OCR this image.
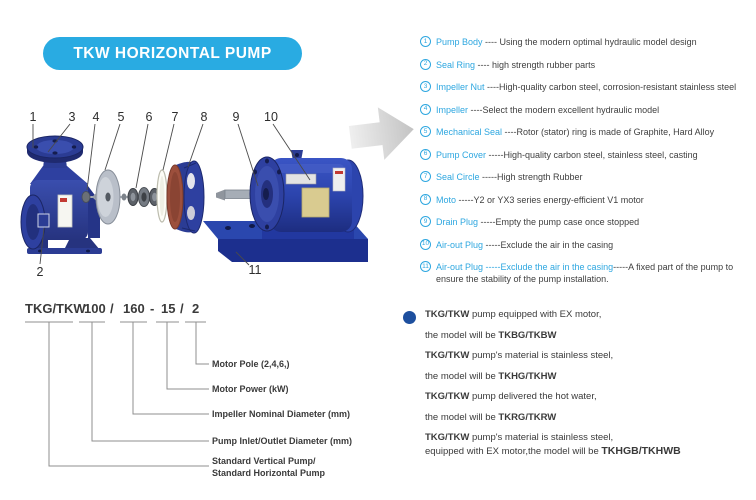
TKW HORIZONTAL PUMP
1
2
3 4 5 6 7 8 9 10
11
1 Pump Body ---- Using the modern optimal hydraulic model design
2 Seal Ring ---- high strength rubber parts
3 Impeller Nut ----High-quality carbon steel, corrosion-resistant stainless steel
4 Impeller ----Select the modern excellent hydraulic model
5 Mechanical Seal ----Rotor (stator) ring is made of Graphite, Hard Alloy
6 Pump Cover -----High-quality carbon steel, stainless steel, casting
7 Seal Circle -----High strength Rubber
8 Moto -----Y2 or YX3 series energy-efficient V1 motor
9 Drain Plug -----Empty the pump case once stopped
10 Air-out Plug -----Exclude the air in the casing
11 Air-out Plug -----Exclude the air in the casing-----A fixed part of the pump to ensure the stability of the pump installation.
TKG/TKW
100 / 160 - 15 / 2
Motor Pole (2,4,6,)
Motor Power (kW)
Impeller Nominal Diameter (mm)
Pump Inlet/Outlet Diameter (mm)
Standard Vertical Pump/
Standard Horizontal Pump
TKG/TKW pump equipped with EX motor,
the model will be TKBG/TKBW
TKG/TKW pump's material is stainless steel,
the model will be TKHG/TKHW
TKG/TKW pump delivered the hot water,
the model will be TKRG/TKRW
TKG/TKW pump's material is stainless steel,
equipped with EX motor,the model will be TKHGB/TKHWB
